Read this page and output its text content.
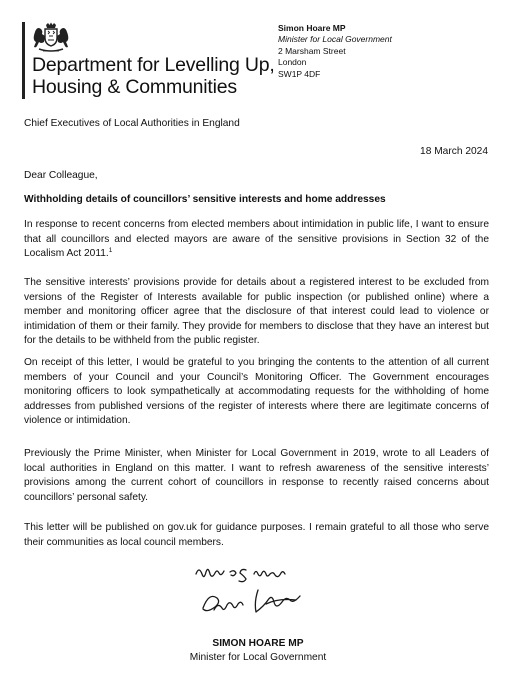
Department for Levelling Up,
Housing & Communities
Simon Hoare MP
Minister for Local Government
2 Marsham Street
London
SW1P 4DF
Chief Executives of Local Authorities in England
18 March 2024
Dear Colleague,
Withholding details of councillors’ sensitive interests and home addresses

In response to recent concerns from elected members about intimidation in public life, I want to ensure that all councillors and elected mayors are aware of the sensitive provisions in Section 32 of the Localism Act 2011.$^1$

The sensitive interests’ provisions provide for details about a registered interest to be excluded from versions of the Register of Interests available for public inspection (or published online) where a member and monitoring officer agree that the disclosure of that interest could lead to violence or intimidation of them or their family. They provide for members to disclose that they have an interest but for the details to be withheld from the public register.

On receipt of this letter, I would be grateful to you bringing the contents to the attention of all current members of your Council and your Council’s Monitoring Officer. The Government encourages monitoring officers to look sympathetically at accommodating requests for the withholding of home addresses from published versions of the register of interests where there are legitimate concerns of violence or intimidation.

Previously the Prime Minister, when Minister for Local Government in 2019, wrote to all Leaders of local authorities in England on this matter. I want to refresh awareness of the sensitive interests’ provisions among the current cohort of councillors in response to recently raised concerns about councillors’ personal safety.

This letter will be published on gov.uk for guidance purposes. I remain grateful to all those who serve their communities as local council members.

SIMON HOARE MP
Minister for Local Government
